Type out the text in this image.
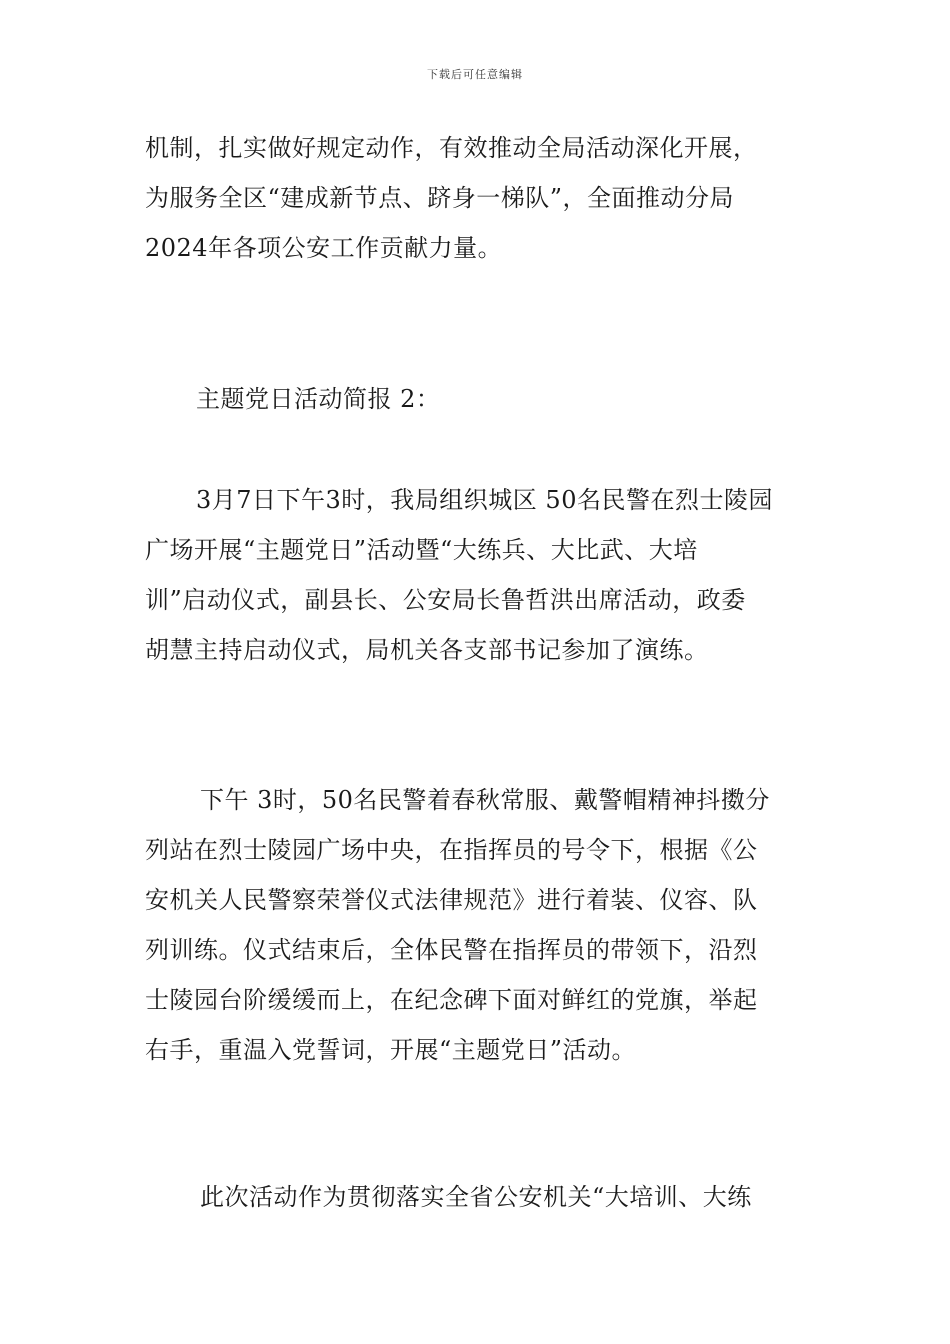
下载后可任意编辑
机制，扎实做好规定动作，有效推动全局活动深化开展，
为服务全区“建成新节点、跻身一梯队”，全面推动分局
2024年各项公安工作贡献力量。
主题党日活动简报 2：
3月7日下午3时，我局组织城区 50名民警在烈士陵园
广场开展“主题党日”活动暨“大练兵、大比武、大培
训”启动仪式，副县长、公安局长鲁哲洪出席活动，政委
胡慧主持启动仪式，局机关各支部书记参加了演练。
下午 3时，50名民警着春秋常服、戴警帽精神抖擞分
列站在烈士陵园广场中央，在指挥员的号令下，根据《公
安机关人民警察荣誉仪式法律规范》进行着装、仪容、队
列训练。仪式结束后，全体民警在指挥员的带领下，沿烈
士陵园台阶缓缓而上，在纪念碑下面对鲜红的党旗，举起
右手，重温入党誓词，开展“主题党日”活动。
此次活动作为贯彻落实全省公安机关“大培训、大练
